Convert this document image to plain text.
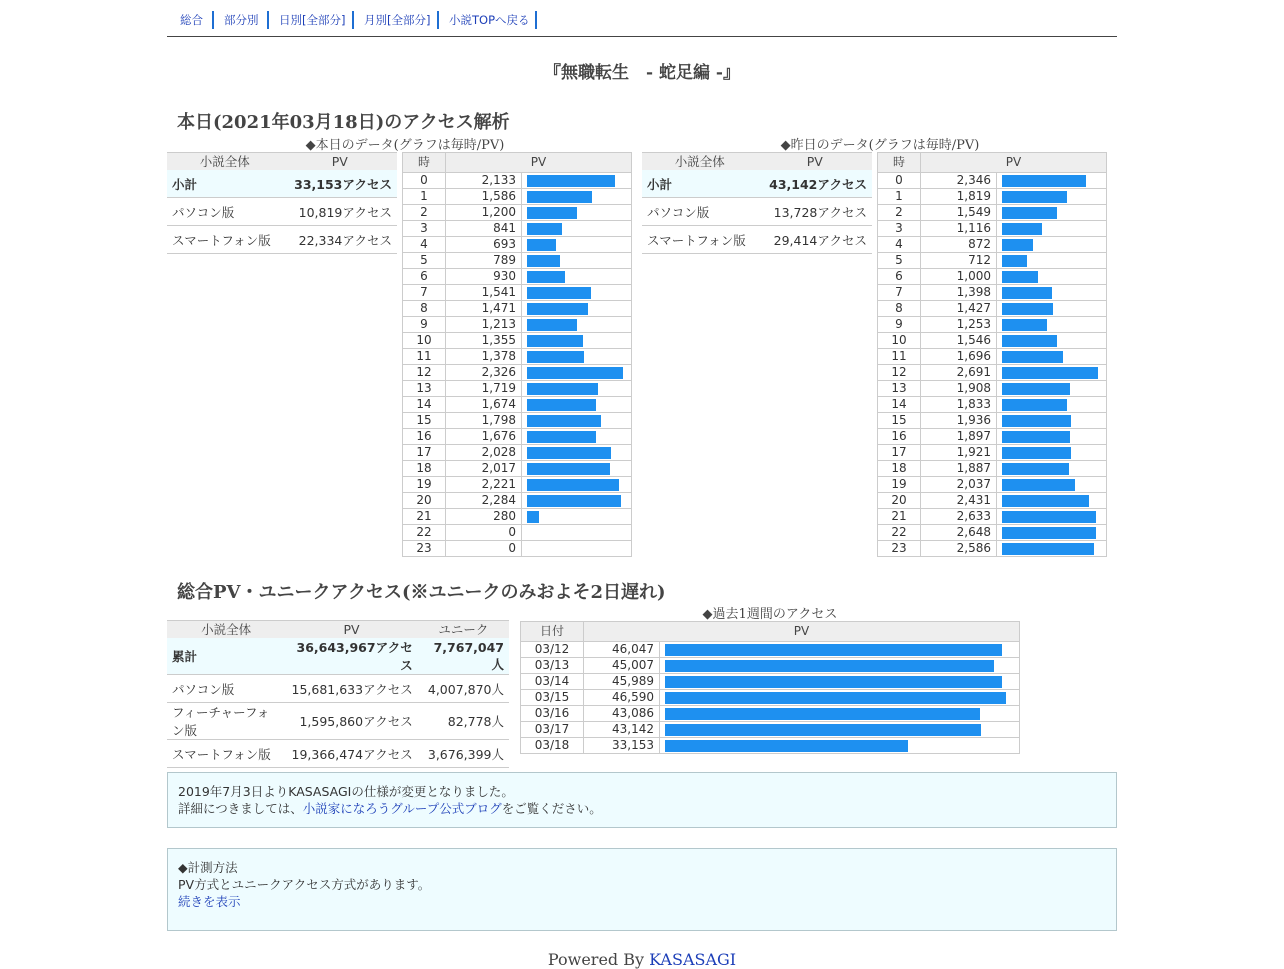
総合 部分別 日別[全部分] 月別[全部分] 小説TOPへ戻る
『無職転生　- 蛇足編 -』
本日(2021年03月18日)のアクセス解析
◆本日のデータ(グラフは毎時/PV)	◆昨日のデータ(グラフは毎時/PV)
小説全体	PV
小計	33,153アクセス
パソコン版	10,819アクセス
スマートフォン版	22,334アクセス
時	PV	
0	2,133	

1	1,586	

2	1,200	

3	841	

4	693	

5	789	

6	930	

7	1,541	

8	1,471	

9	1,213	

10	1,355	

11	1,378	

12	2,326	

13	1,719	

14	1,674	

15	1,798	

16	1,676	

17	2,028	

18	2,017	

19	2,221	

20	2,284	

21	280	

22	0	

23	0	
小説全体	PV
小計	43,142アクセス
パソコン版	13,728アクセス
スマートフォン版	29,414アクセス
時	PV	
0	2,346	

1	1,819	

2	1,549	

3	1,116	

4	872	

5	712	

6	1,000	

7	1,398	

8	1,427	

9	1,253	

10	1,546	

11	1,696	

12	2,691	

13	1,908	

14	1,833	

15	1,936	

16	1,897	

17	1,921	

18	1,887	

19	2,037	

20	2,431	

21	2,633	

22	2,648	

23	2,586	
総合PV・ユニークアクセス(※ユニークのみおよそ2日遅れ)
小説全体	PV	ユニーク
累計	36,643,967アクセス	7,767,047人
パソコン版	15,681,633アクセス	4,007,870人
フィーチャーフォン版	1,595,860アクセス	82,778人
スマートフォン版	19,366,474アクセス	3,676,399人
◆過去1週間のアクセス
日付	PV	
03/12	46,047	

03/13	45,007	

03/14	45,989	

03/15	46,590	

03/16	43,086	

03/17	43,142	

03/18	33,153	
2019年7月3日よりKASASAGIの仕様が変更となりました。
詳細につきましては、小説家になろうグループ公式ブログをご覧ください。
◆計測方法
PV方式とユニークアクセス方式があります。
続きを表示
Powered By KASASAGI
